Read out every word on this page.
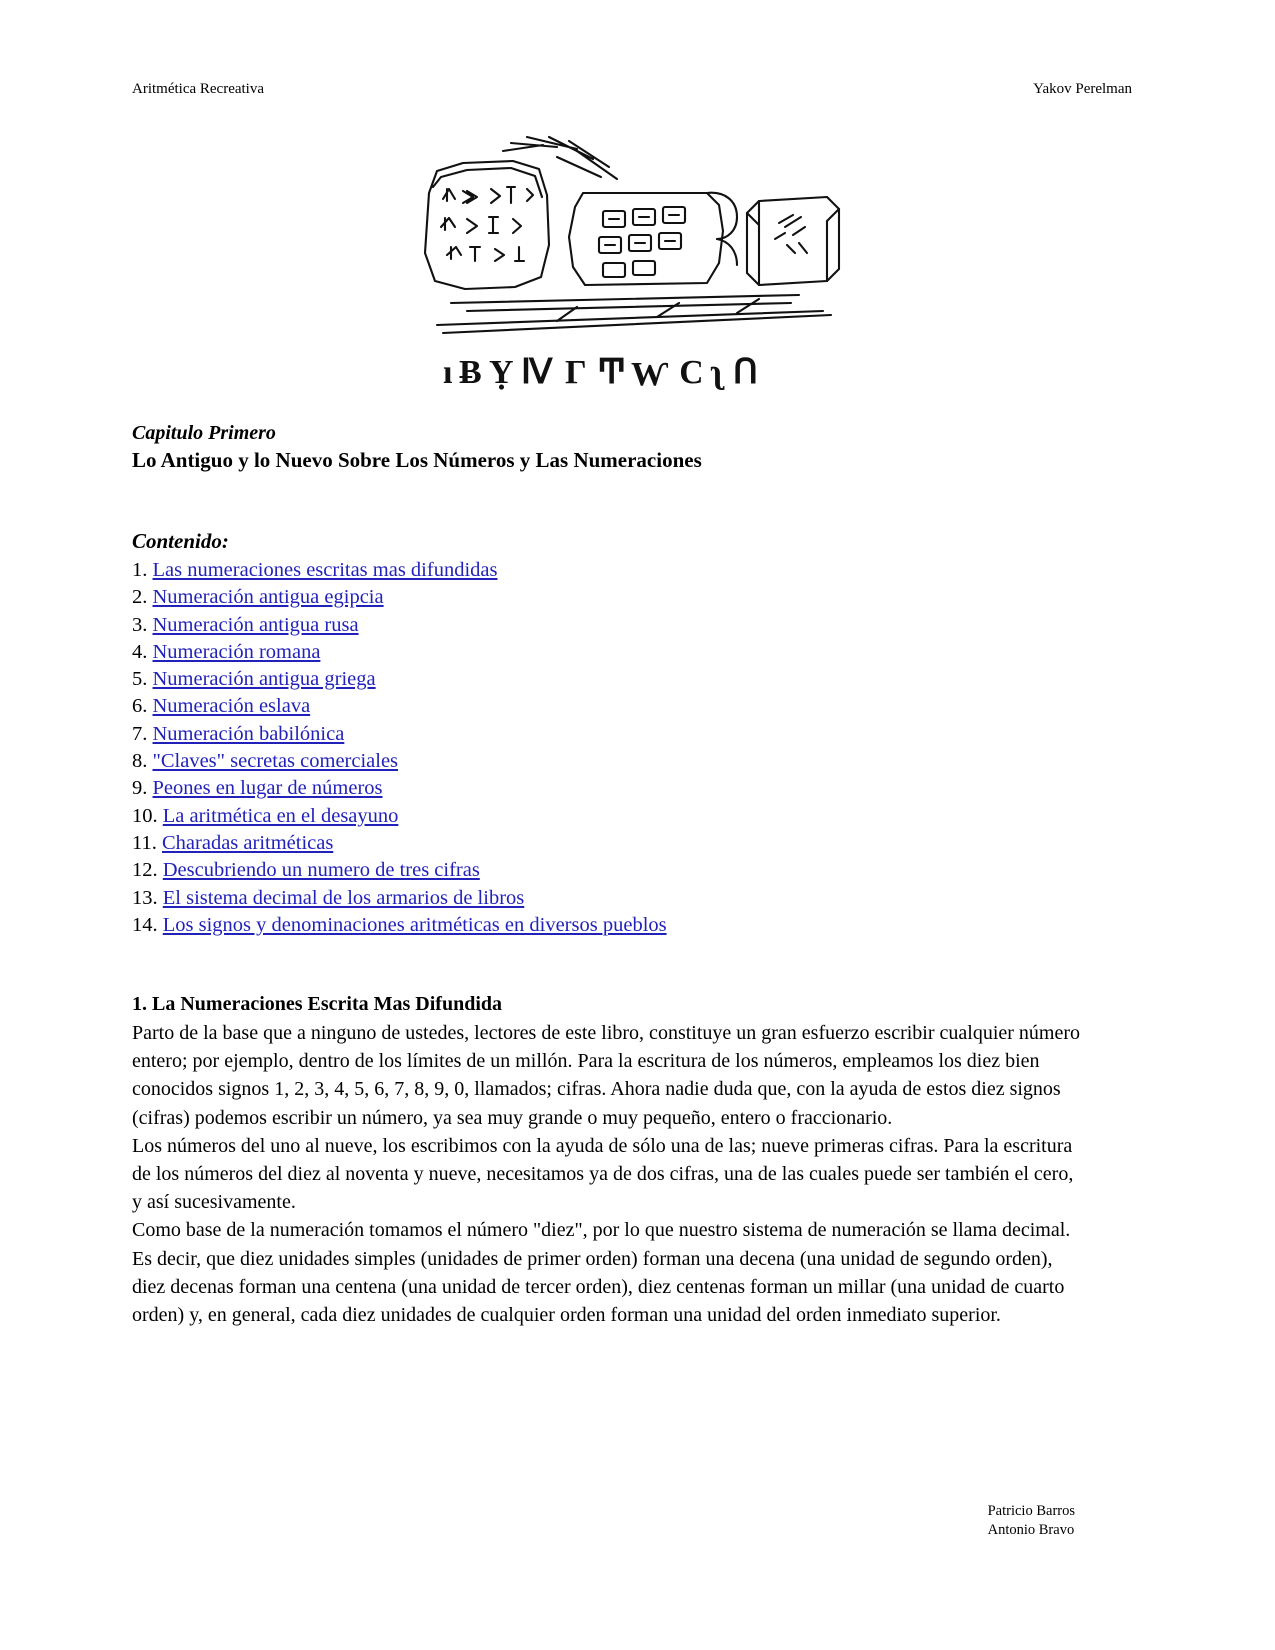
Aritmética Recreativa	Yakov Perelman
ı Ƀ Ỵ Ⅳ Γ Ͳ Ⱳ Ϲ ʅ Ո
Capitulo Primero
Lo Antiguo y lo Nuevo Sobre Los Números y Las Numeraciones
Contenido:
1. Las numeraciones escritas mas difundidas
2. Numeración antigua egipcia
3. Numeración antigua rusa
4. Numeración romana
5. Numeración antigua griega
6. Numeración eslava
7. Numeración babilónica
8. "Claves" secretas comerciales
9. Peones en lugar de números
10. La aritmética en el desayuno
11. Charadas aritméticas
12. Descubriendo un numero de tres cifras
13. El sistema decimal de los armarios de libros
14. Los signos y denominaciones aritméticas en diversos pueblos
1. La Numeraciones Escrita Mas Difundida

Parto de la base que a ninguno de ustedes, lectores de este libro, constituye un gran esfuerzo escribir cualquier número entero; por ejemplo, dentro de los límites de un millón. Para la escritura de los números, empleamos los diez bien conocidos signos 1, 2, 3, 4, 5, 6, 7, 8, 9, 0, llamados; cifras. Ahora nadie duda que, con la ayuda de estos diez signos (cifras) podemos escribir un número, ya sea muy grande o muy pequeño, entero o fraccionario.

Los números del uno al nueve, los escribimos con la ayuda de sólo una de las; nueve primeras cifras. Para la escritura de los números del diez al noventa y nueve, necesitamos ya de dos cifras, una de las cuales puede ser también el cero, y así sucesivamente.

Como base de la numeración tomamos el número "diez", por lo que nuestro sistema de numeración se llama decimal.

Es decir, que diez unidades simples (unidades de primer orden) forman una decena (una unidad de segundo orden), diez decenas forman una centena (una unidad de tercer orden), diez centenas forman un millar (una unidad de cuarto orden) y, en general, cada diez unidades de cualquier orden forman una unidad del orden inmediato superior.

Patricio Barros
Antonio Bravo
